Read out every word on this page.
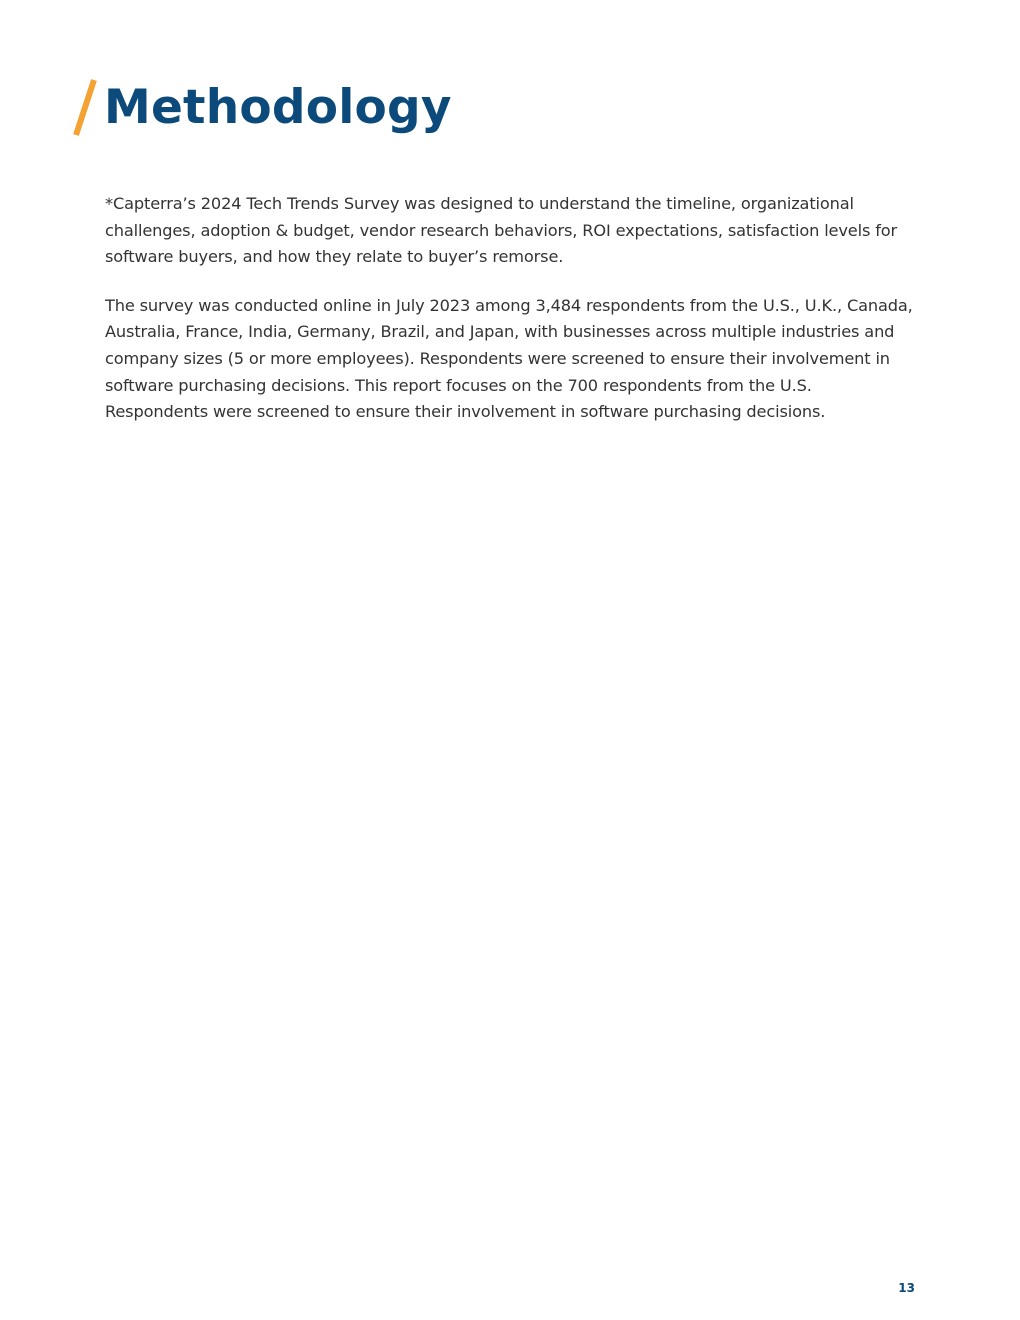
Methodology

*Capterra’s 2024 Tech Trends Survey was designed to understand the timeline, organizational challenges, adoption & budget, vendor research behaviors, ROI expectations, satisfaction levels for software buyers, and how they relate to buyer’s remorse.

The survey was conducted online in July 2023 among 3,484 respondents from the U.S., U.K., Canada, Australia, France, India, Germany, Brazil, and Japan, with businesses across multiple industries and company sizes (5 or more employees). Respondents were screened to ensure their involvement in software purchasing decisions. This report focuses on the 700 respondents from the U.S. Respondents were screened to ensure their involvement in software purchasing decisions.

13
